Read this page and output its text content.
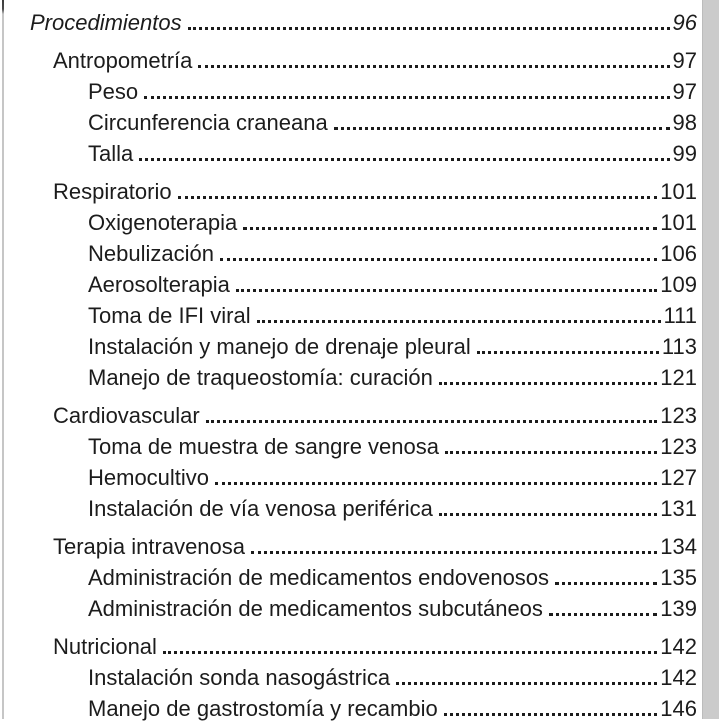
Procedimientos	96
Antropometría	97
Peso	97
Circunferencia craneana	98
Talla	99
Respiratorio	101
Oxigenoterapia	101
Nebulización	106
Aerosolterapia	109
Toma de IFI viral	111
Instalación y manejo de drenaje pleural	113
Manejo de traqueostomía: curación	121
Cardiovascular	123
Toma de muestra de sangre venosa	123
Hemocultivo	127
Instalación de vía venosa periférica	131
Terapia intravenosa	134
Administración de medicamentos endovenosos	135
Administración de medicamentos subcutáneos	139
Nutricional	142
Instalación sonda nasogástrica	142
Manejo de gastrostomía y recambio	146
